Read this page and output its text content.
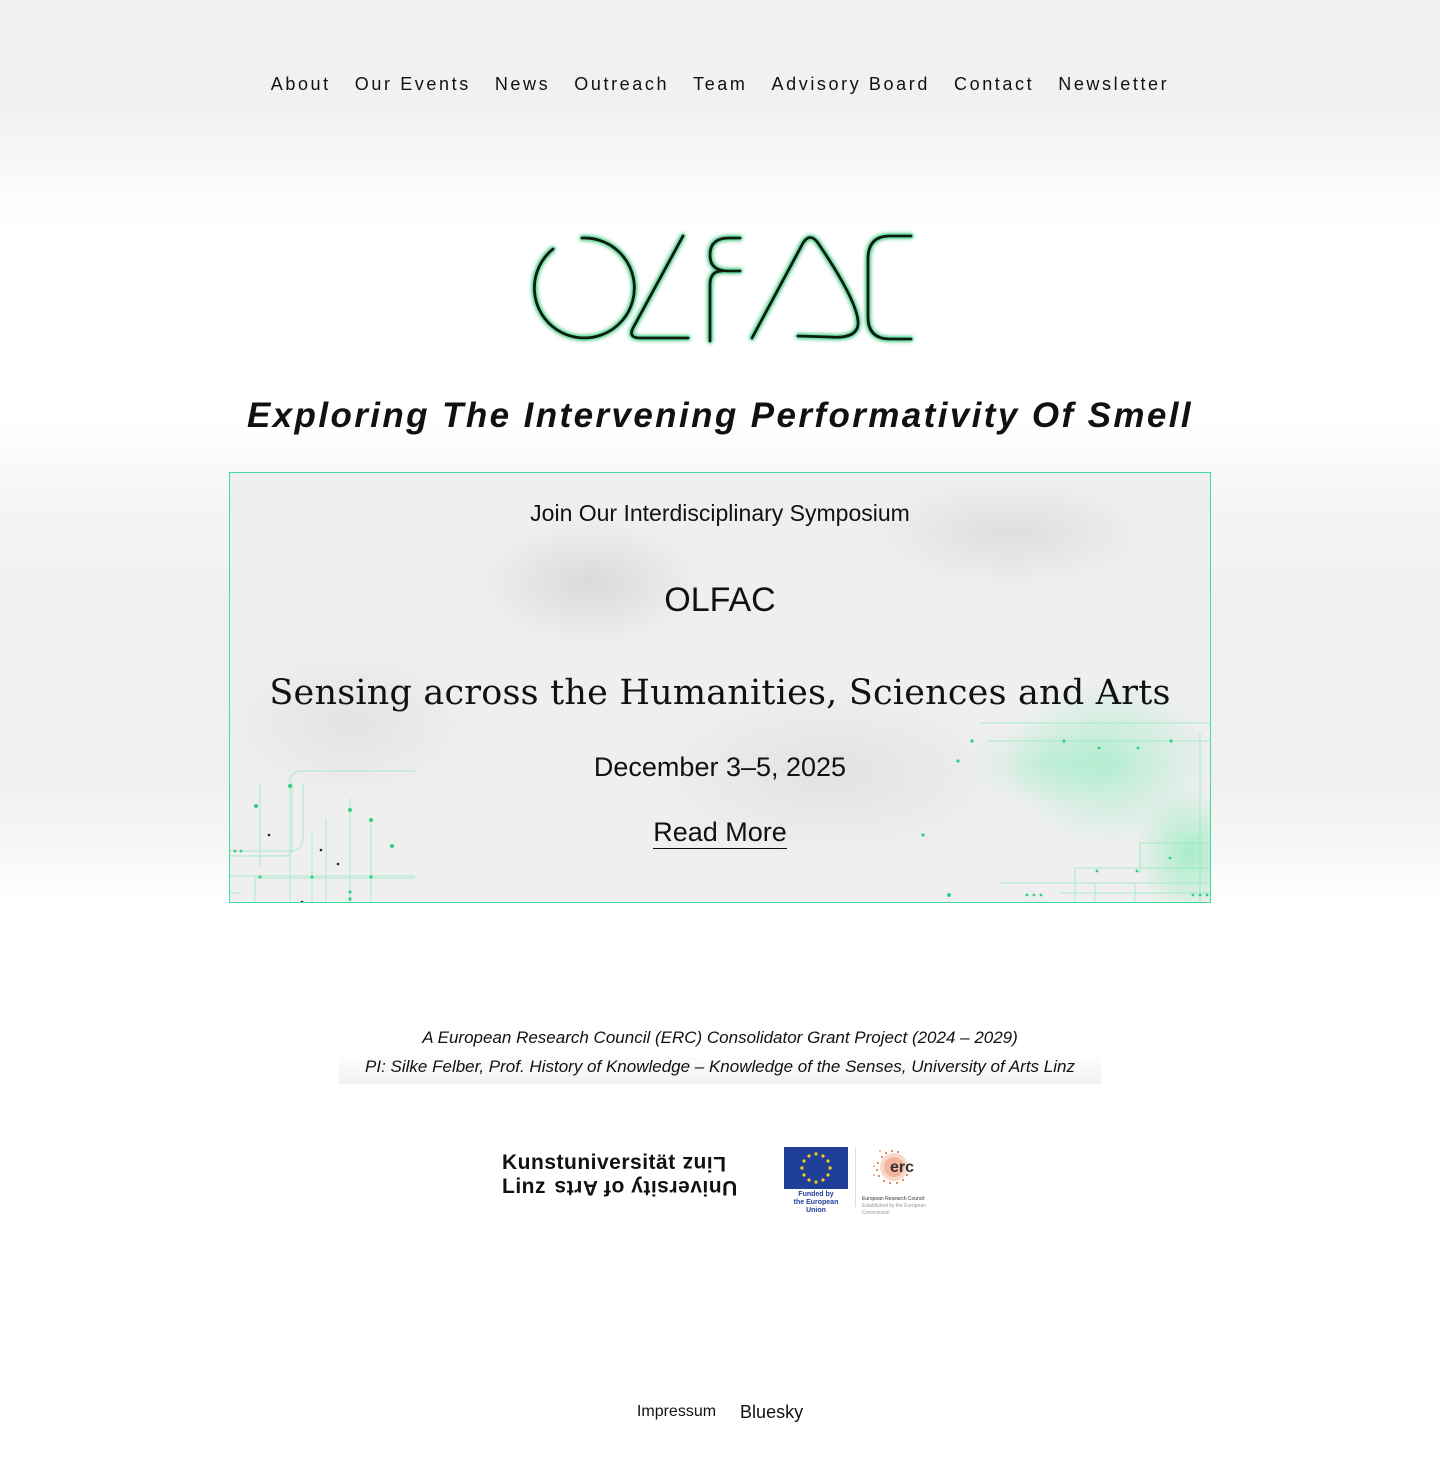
About Our Events News Outreach Team Advisory Board Contact Newsletter
Exploring The Intervening Performativity Of Smell
Join Our Interdisciplinary Symposium
OLFAC
Sensing across the Humanities, Sciences and Arts
December 3–5, 2025
Read More
A European Research Council (ERC) Consolidator Grant Project (2024 – 2029)
PI: Silke Felber, Prof. History of Knowledge – Knowledge of the Senses, University of Arts Linz
Kunstuniversität Linz
Linz University of Arts	Funded by
the European Union
erc
European Research Council
Established by the European Commission
Impressum Bluesky
